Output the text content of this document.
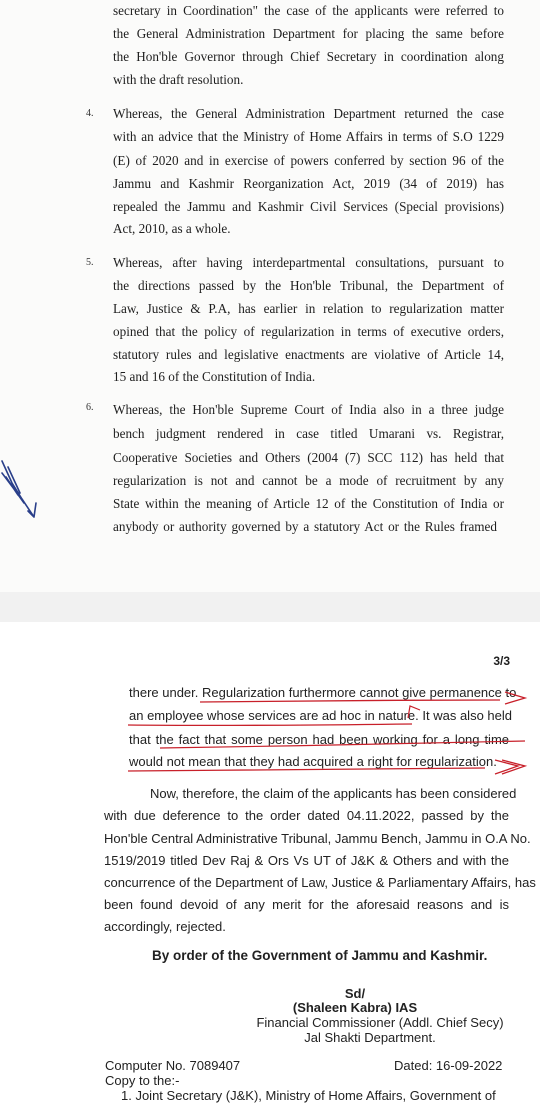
secretary in Coordination" the case of the applicants were referred to
the General Administration Department for placing the same before
the Hon'ble Governor through Chief Secretary in coordination along
with the draft resolution.
4. Whereas, the General Administration Department returned the case
with an advice that the Ministry of Home Affairs in terms of S.O 1229
(E) of 2020 and in exercise of powers conferred by section 96 of the
Jammu and Kashmir Reorganization Act, 2019 (34 of 2019) has
repealed the Jammu and Kashmir Civil Services (Special provisions)
Act, 2010, as a whole.
5. Whereas, after having interdepartmental consultations, pursuant to
the directions passed by the Hon'ble Tribunal, the Department of
Law, Justice & P.A, has earlier in relation to regularization matter
opined that the policy of regularization in terms of executive orders,
statutory rules and legislative enactments are violative of Article 14,
15 and 16 of the Constitution of India.
6. Whereas, the Hon'ble Supreme Court of India also in a three judge
bench judgment rendered in case titled Umarani vs. Registrar,
Cooperative Societies and Others (2004 (7) SCC 112) has held that
regularization is not and cannot be a mode of recruitment by any
State within the meaning of Article 12 of the Constitution of India or
anybody or authority governed by a statutory Act or the Rules framed
3/3
there under. Regularization furthermore cannot give permanence to
an employee whose services are ad hoc in nature. It was also held
that the fact that some person had been working for a long time
would not mean that they had acquired a right for regularization.
Now, therefore, the claim of the applicants has been considered
with due deference to the order dated 04.11.2022, passed by the
Hon'ble Central Administrative Tribunal, Jammu Bench, Jammu in O.A No.
1519/2019 titled Dev Raj & Ors Vs UT of J&K & Others and with the
concurrence of the Department of Law, Justice & Parliamentary Affairs, has
been found devoid of any merit for the aforesaid reasons and is
accordingly, rejected.
By order of the Government of Jammu and Kashmir.
Sd/
(Shaleen Kabra) IAS
Financial Commissioner (Addl. Chief Secy)
Jal Shakti Department.
Computer No. 7089407	Dated: 16-09-2022
Copy to the:-
1. Joint Secretary (J&K), Ministry of Home Affairs, Government of
